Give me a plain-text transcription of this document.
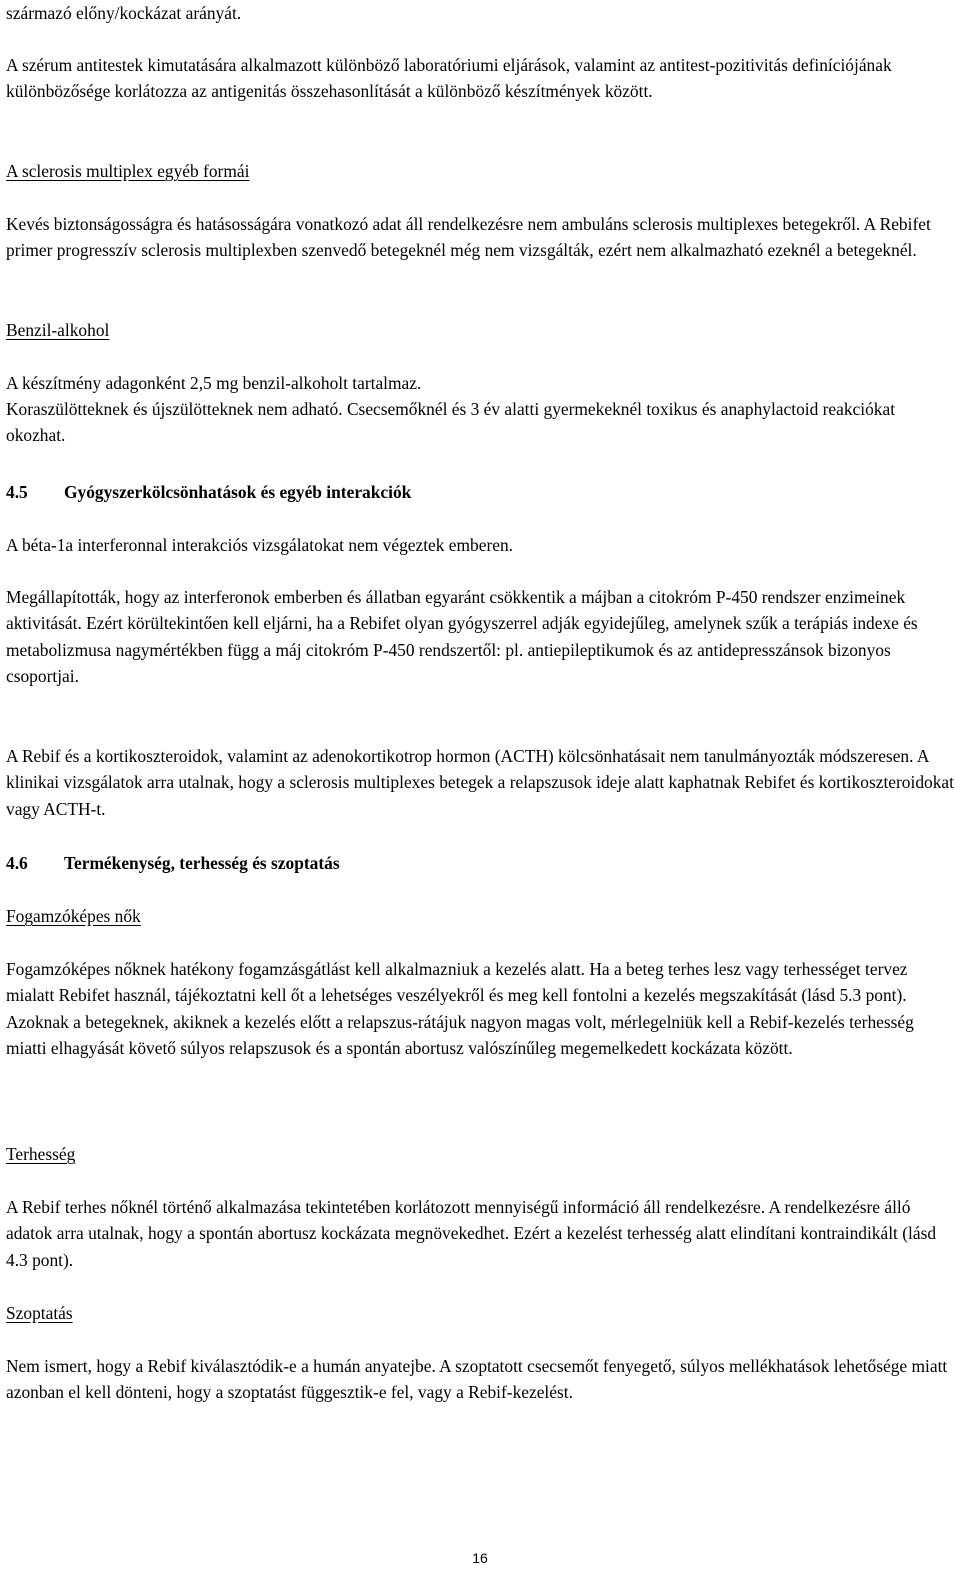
származó előny/kockázat arányát.

A szérum antitestek kimutatására alkalmazott különböző laboratóriumi eljárások, valamint az antitest-pozitivitás definíciójának különbözősége korlátozza az antigenitás összehasonlítását a különböző készítmények között.

A sclerosis multiplex egyéb formái

Kevés biztonságosságra és hatásosságára vonatkozó adat áll rendelkezésre nem ambuláns sclerosis multiplexes betegekről. A Rebifet primer progresszív sclerosis multiplexben szenvedő betegeknél még nem vizsgálták, ezért nem alkalmazható ezeknél a betegeknél.

Benzil-alkohol

A készítmény adagonként 2,5 mg benzil-alkoholt tartalmaz.

Koraszülötteknek és újszülötteknek nem adható. Csecsemőknél és 3 év alatti gyermekeknél toxikus és anaphylactoid reakciókat okozhat.

4.5 Gyógyszerkölcsönhatások és egyéb interakciók

A béta-1a interferonnal interakciós vizsgálatokat nem végeztek emberen.

Megállapították, hogy az interferonok emberben és állatban egyaránt csökkentik a májban a citokróm P-450 rendszer enzimeinek aktivitását. Ezért körültekintően kell eljárni, ha a Rebifet olyan gyógyszerrel adják egyidejűleg, amelynek szűk a terápiás indexe és metabolizmusa nagymértékben függ a máj citokróm P-450 rendszertől: pl. antiepileptikumok és az antidepresszánsok bizonyos csoportjai.

A Rebif és a kortikoszteroidok, valamint az adenokortikotrop hormon (ACTH) kölcsönhatásait nem tanulmányozták módszeresen. A klinikai vizsgálatok arra utalnak, hogy a sclerosis multiplexes betegek a relapszusok ideje alatt kaphatnak Rebifet és kortikoszteroidokat vagy ACTH-t.

4.6 Termékenység, terhesség és szoptatás

Fogamzóképes nők

Fogamzóképes nőknek hatékony fogamzásgátlást kell alkalmazniuk a kezelés alatt. Ha a beteg terhes lesz vagy terhességet tervez mialatt Rebifet használ, tájékoztatni kell őt a lehetséges veszélyekről és meg kell fontolni a kezelés megszakítását (lásd 5.3 pont). Azoknak a betegeknek, akiknek a kezelés előtt a relapszus-rátájuk nagyon magas volt, mérlegelniük kell a Rebif-kezelés terhesség miatti elhagyását követő súlyos relapszusok és a spontán abortusz valószínűleg megemelkedett kockázata között.

Terhesség

A Rebif terhes nőknél történő alkalmazása tekintetében korlátozott mennyiségű információ áll rendelkezésre. A rendelkezésre álló adatok arra utalnak, hogy a spontán abortusz kockázata megnövekedhet. Ezért a kezelést terhesség alatt elindítani kontraindikált (lásd 4.3 pont).

Szoptatás

Nem ismert, hogy a Rebif kiválasztódik-e a humán anyatejbe. A szoptatott csecsemőt fenyegető, súlyos mellékhatások lehetősége miatt azonban el kell dönteni, hogy a szoptatást függesztik-e fel, vagy a Rebif-kezelést.

16
